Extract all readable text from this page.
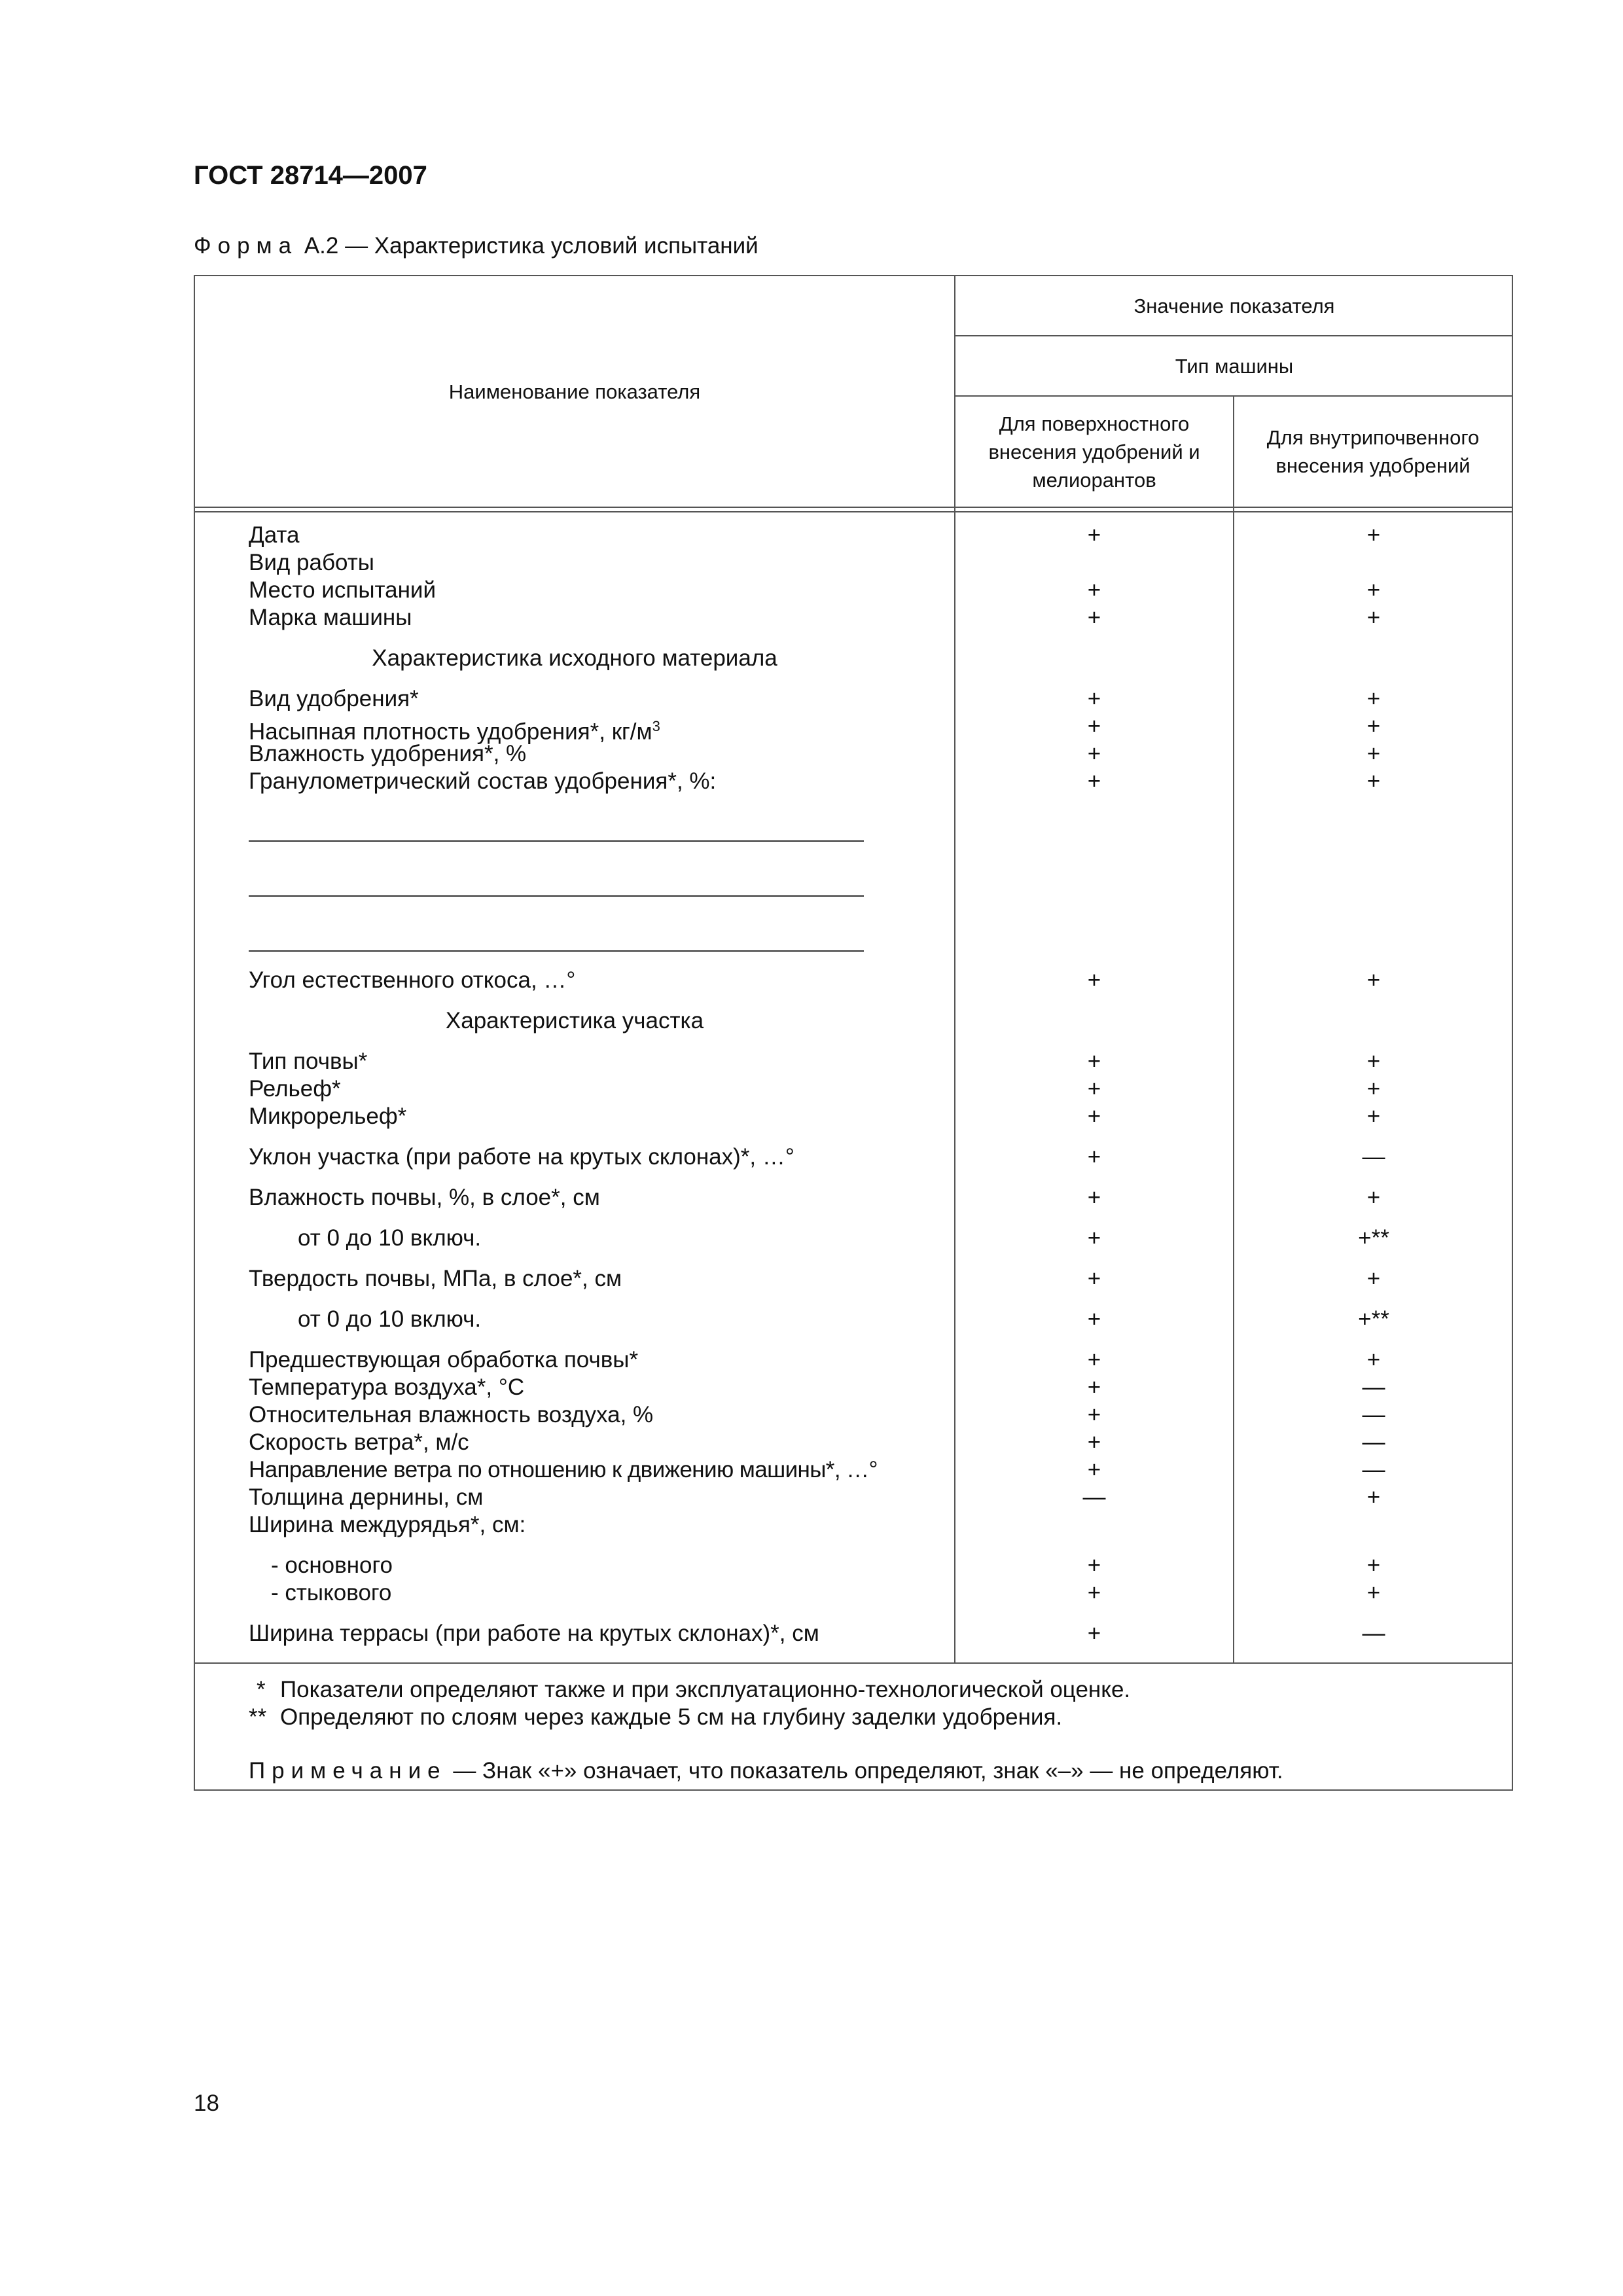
ГОСТ 28714—2007
Форма А.2 — Характеристика условий испытаний
Наименование показателя
Значение показателя
Тип машины
Для поверхностного внесения удобрений и мелиорантов
Для внутрипочвенного внесения удобрений
Дата	+	+
Вид работы
Место испытаний	+	+
Марка машины	+	+
Характеристика исходного материала
Вид удобрения*	+	+
Насыпная плотность удобрения*, $кг/м^3$	+	+
Влажность удобрения*, %	+	+
Гранулометрический состав удобрения*, %:	+	+
Угол естественного откоса, …°	+	+
Характеристика участка
Тип почвы*	+	+
Рельеф*	+	+
Микрорельеф*	+	+
Уклон участка (при работе на крутых склонах)*, …°	+	—
Влажность почвы, %, в слое*, см	+	+
от 0 до 10 включ.	+	+**
Твердость почвы, МПа, в слое*, см	+	+
от 0 до 10 включ.	+	+**
Предшествующая обработка почвы*	+	+
Температура воздуха*, °С	+	—
Относительная влажность воздуха, %	+	—
Скорость ветра*, м/с	+	—
Направление ветра по отношению к движению машины*, …°	+	—
Толщина дернины, см	—	+
Ширина междурядья*, см:
- основного	+	+
- стыкового	+	+
Ширина террасы (при работе на крутых склонах)*, см	+	—
* Показатели определяют также и при эксплуатационно-технологической оценке.
** Определяют по слоям через каждые 5 см на глубину заделки удобрения.
Примечание — Знак «+» означает, что показатель определяют, знак «–» — не определяют.
18
